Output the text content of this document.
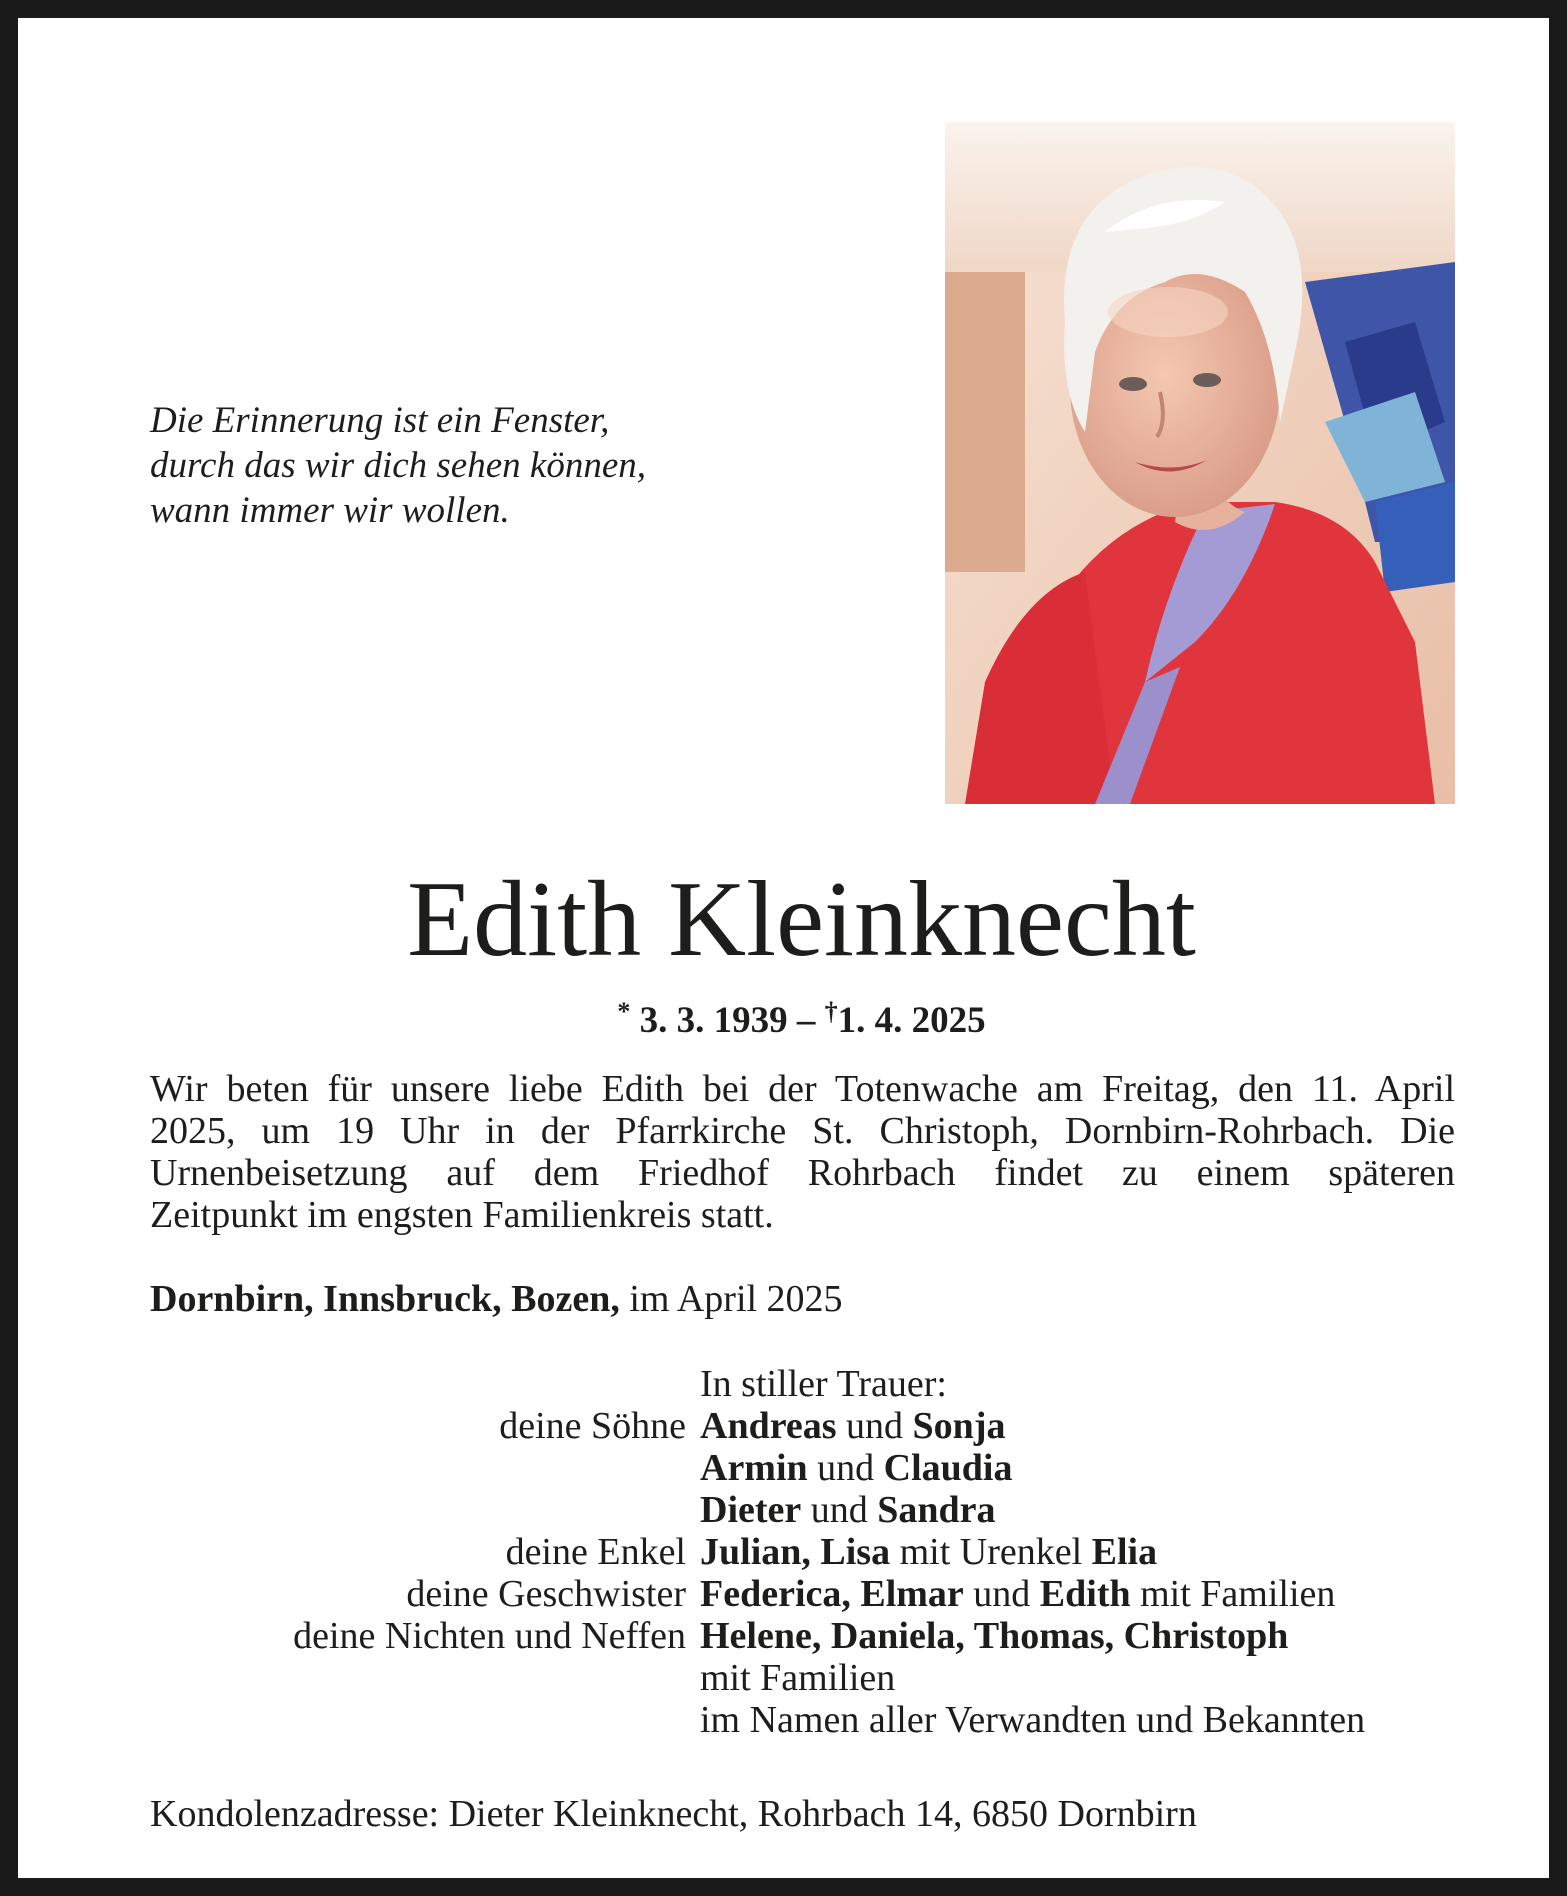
Die Erinnerung ist ein Fenster,
durch das wir dich sehen können,
wann immer wir wollen.
Edith Kleinknecht
* 3. 3. 1939 – †1. 4. 2025
Wir beten für unsere liebe Edith bei der Totenwache am Freitag, den 11. April
2025, um 19 Uhr in der Pfarrkirche St. Christoph, Dornbirn-Rohrbach. Die
Urnenbeisetzung auf dem Friedhof Rohrbach findet zu einem späteren
Zeitpunkt im engsten Familienkreis statt.
Dornbirn, Innsbruck, Bozen, im April 2025
In stiller Trauer:
deine Söhne Andreas und Sonja
Armin und Claudia
Dieter und Sandra
deine Enkel Julian, Lisa mit Urenkel Elia
deine Geschwister Federica, Elmar und Edith mit Familien
deine Nichten und Neffen Helene, Daniela, Thomas, Christoph
mit Familien
im Namen aller Verwandten und Bekannten
Kondolenzadresse: Dieter Kleinknecht, Rohrbach 14, 6850 Dornbirn
